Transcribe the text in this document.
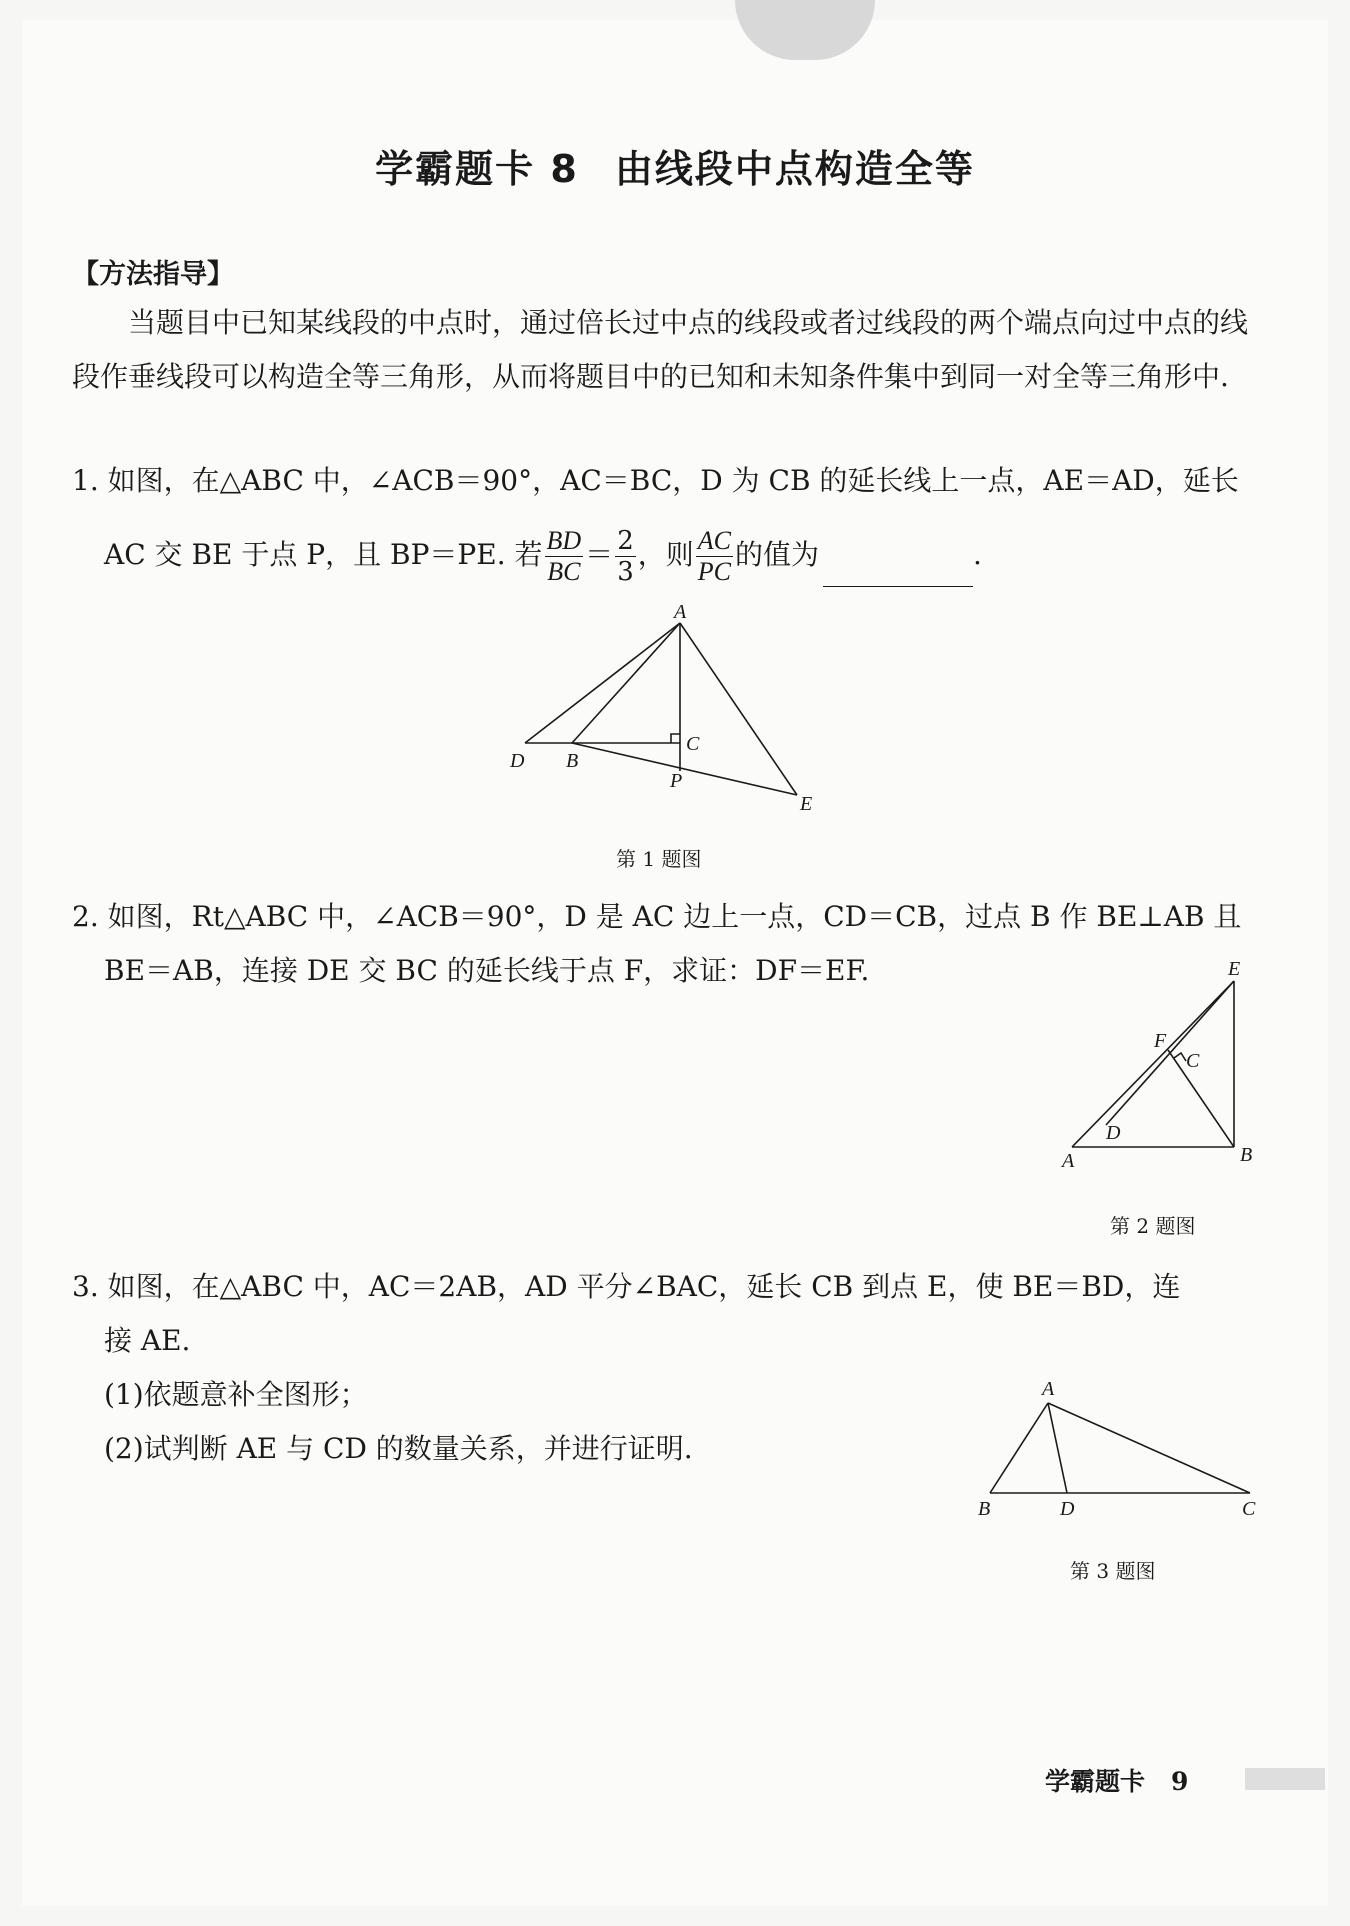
学霸题卡 8 由线段中点构造全等
【方法指导】
当题目中已知某线段的中点时，通过倍长过中点的线段或者过线段的两个端点向过中点的线段作垂线段可以构造全等三角形，从而将题目中的已知和未知条件集中到同一对全等三角形中.
1. 如图，在△ABC 中，∠ACB＝90°，AC＝BC，D 为 CB 的延长线上一点，AE＝AD，延长
AC 交 BE 于点 P，且 BP＝PE. 若 $\frac{BD}{BC} = \frac{2}{3}$ ，则 $\frac{AC}{PC}$ 的值为	.
A
D B
C
P
E
第 1 题图
2. 如图，Rt△ABC 中，∠ACB＝90°，D 是 AC 边上一点，CD＝CB，过点 B 作 BE⊥AB 且
BE＝AB，连接 DE 交 BC 的延长线于点 F，求证：DF＝EF.	E
F
C
D
A	B
第 2 题图
3. 如图，在△ABC 中，AC＝2AB，AD 平分∠BAC，延长 CB 到点 E，使 BE＝BD，连
接 AE.
(1)依题意补全图形；
(2)试判断 AE 与 CD 的数量关系，并进行证明.
A
B	D	C
第 3 题图
学霸题卡 9
